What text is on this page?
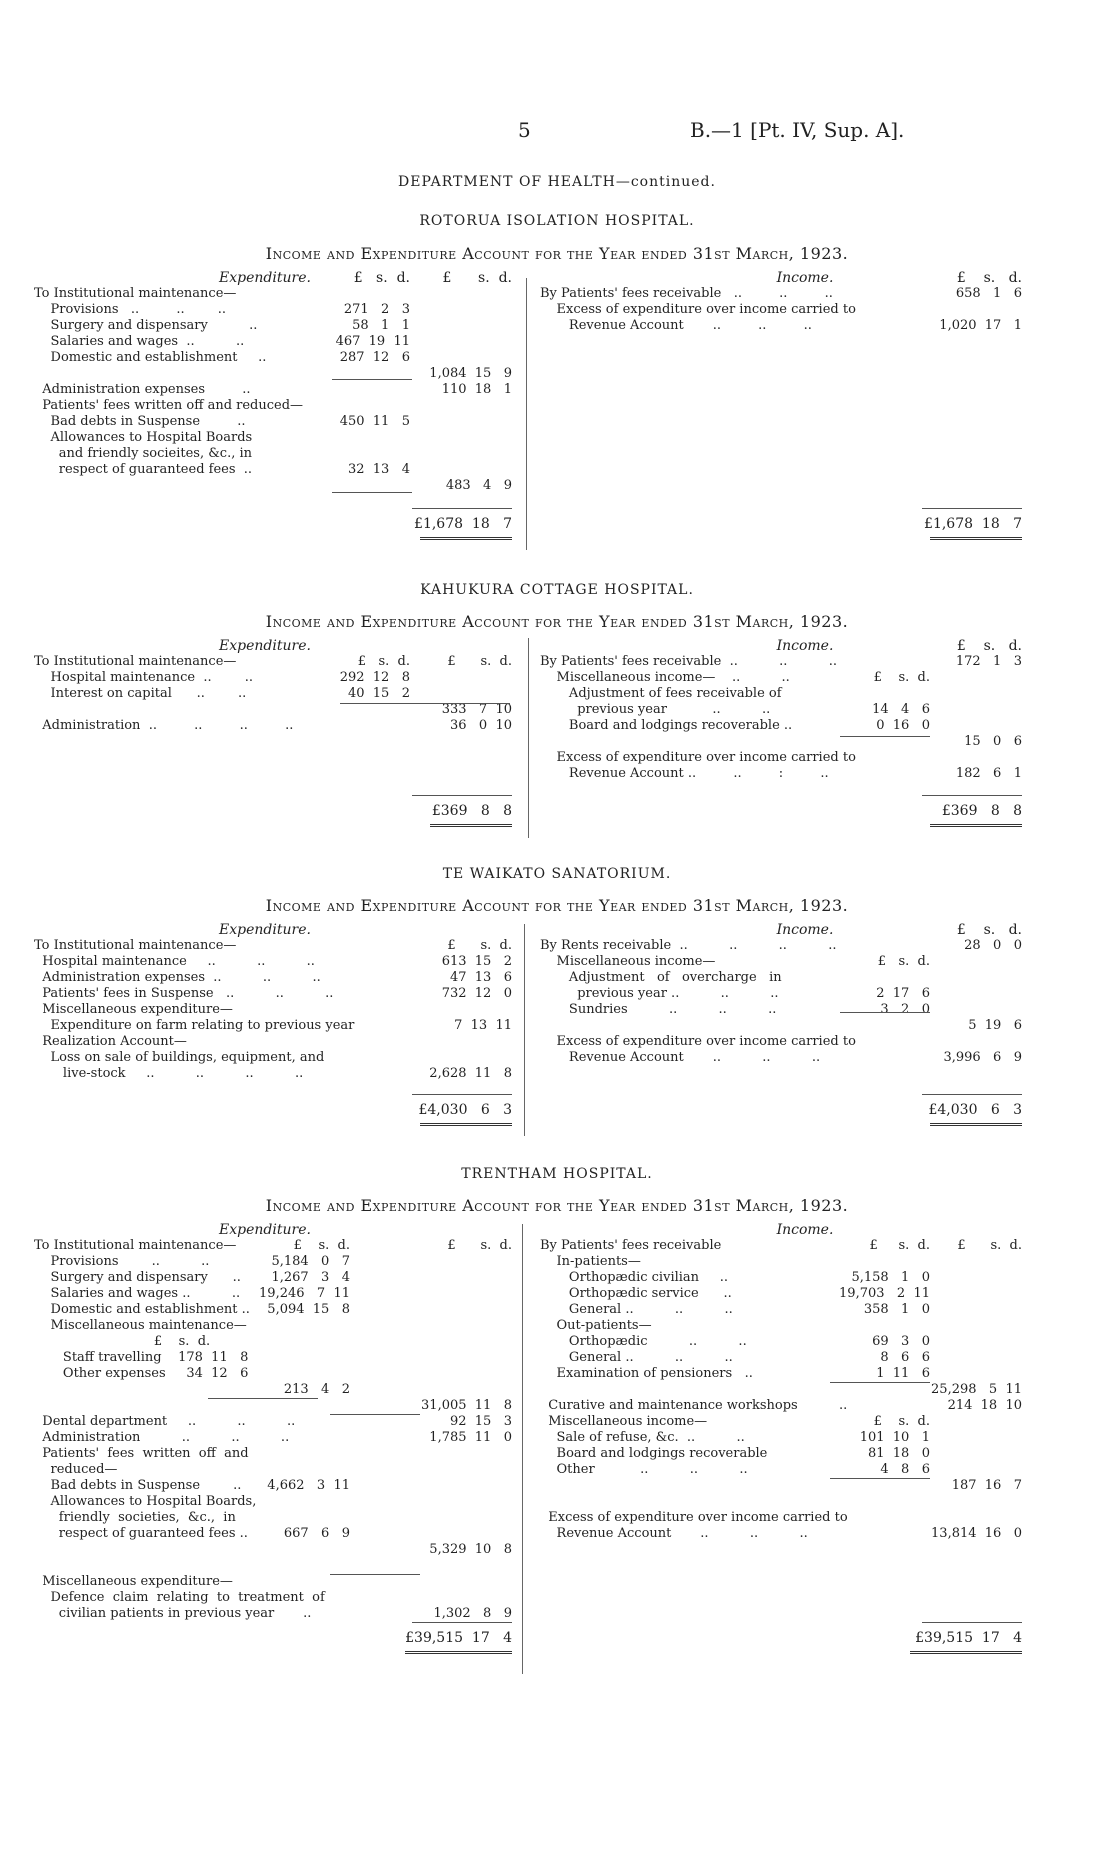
5	B.—1 [Pt. IV, Sup. A].
DEPARTMENT OF HEALTH—continued.
ROTORUA ISOLATION HOSPITAL.
Income and Expenditure Account for the Year ended 31st March, 1923.
Expenditure.	Income.
£   s.  d.	£      s.  d.	£    s.   d.
To Institutional maintenance—
Provisions   ..         ..        ..	271   2   3
Surgery and dispensary          ..	58   1   1
Salaries and wages  ..          ..	467  19  11
Domestic and establishment     ..	287  12   6
1,084  15   9
Administration expenses         ..	110  18   1
Patients' fees written off and reduced—
Bad debts in Suspense         ..	450  11   5
Allowances to Hospital Boards
and friendly socieites, &c., in
respect of guaranteed fees  ..	32  13   4
483   4   9
£1,678  18   7
By Patients' fees receivable   ..         ..         ..	658   1   6
Excess of expenditure over income carried to
Revenue Account       ..         ..         ..	1,020  17   1
£1,678  18   7
KAHUKURA COTTAGE HOSPITAL.
Income and Expenditure Account for the Year ended 31st March, 1923.
Expenditure.	Income.
To Institutional maintenance—	£   s.  d.	£      s.  d.
Hospital maintenance  ..        ..	292  12   8
Interest on capital      ..        ..	40  15   2
333   7  10
Administration  ..         ..         ..         ..	36   0  10
£369   8   8
£    s.   d.
By Patients' fees receivable  ..          ..          ..	172   1   3
Miscellaneous income—    ..          ..	£    s.  d.
Adjustment of fees receivable of
previous year           ..          ..	14   4   6
Board and lodgings recoverable ..	0  16   0
15   0   6
Excess of expenditure over income carried to
Revenue Account ..         ..         :         ..	182   6   1
£369   8   8
TE WAIKATO SANATORIUM.
Income and Expenditure Account for the Year ended 31st March, 1923.
Expenditure.	Income.	£    s.   d.
To Institutional maintenance—	£      s.  d.
Hospital maintenance     ..          ..          ..	613  15   2
Administration expenses  ..          ..          ..	47  13   6
Patients' fees in Suspense   ..          ..          ..	732  12   0
Miscellaneous expenditure—
Expenditure on farm relating to previous year	7  13  11
Realization Account—
Loss on sale of buildings, equipment, and
live-stock     ..          ..          ..          ..	2,628  11   8
£4,030   6   3
By Rents receivable  ..          ..          ..          ..	28   0   0
Miscellaneous income—	£   s.  d.
Adjustment   of   overcharge   in
previous year ..          ..          ..	2  17   6
Sundries          ..          ..          ..	3   2   0
5  19   6
Excess of expenditure over income carried to
Revenue Account       ..          ..          ..	3,996   6   9
£4,030   6   3
TRENTHAM HOSPITAL.
Income and Expenditure Account for the Year ended 31st March, 1923.
Expenditure.	Income.
To Institutional maintenance—	£    s.  d.	£      s.  d.
Provisions        ..          ..	5,184   0   7
Surgery and dispensary      ..	1,267   3   4
Salaries and wages ..          ..	19,246   7  11
Domestic and establishment ..	5,094  15   8
Miscellaneous maintenance—
£    s.  d.
Staff travelling    178  11   8
Other expenses     34  12   6
213   4   2
31,005  11   8
Dental department     ..          ..          ..	92  15   3
Administration          ..          ..          ..	1,785  11   0
Patients'  fees  written  off  and
reduced—
Bad debts in Suspense        ..	4,662   3  11
Allowances to Hospital Boards,
friendly  societies,  &c.,  in
respect of guaranteed fees ..	667   6   9
5,329  10   8
Miscellaneous expenditure—
Defence  claim  relating  to  treatment  of
civilian patients in previous year       ..	1,302   8   9
£39,515  17   4
By Patients' fees receivable	£     s.  d.	£      s.  d.
In-patients—
Orthopædic civilian     ..	5,158   1   0
Orthopædic service      ..	19,703   2  11
General ..          ..          ..	358   1   0
Out-patients—
Orthopædic          ..          ..	69   3   0
General ..          ..          ..	8   6   6
Examination of pensioners   ..	1  11   6
25,298   5  11
Curative and maintenance workshops          ..	214  18  10
Miscellaneous income—	£    s.  d.
Sale of refuse, &c.  ..          ..	101  10   1
Board and lodgings recoverable	81  18   0
Other           ..          ..          ..	4   8   6
187  16   7
Excess of expenditure over income carried to
Revenue Account       ..          ..          ..	13,814  16   0
£39,515  17   4
